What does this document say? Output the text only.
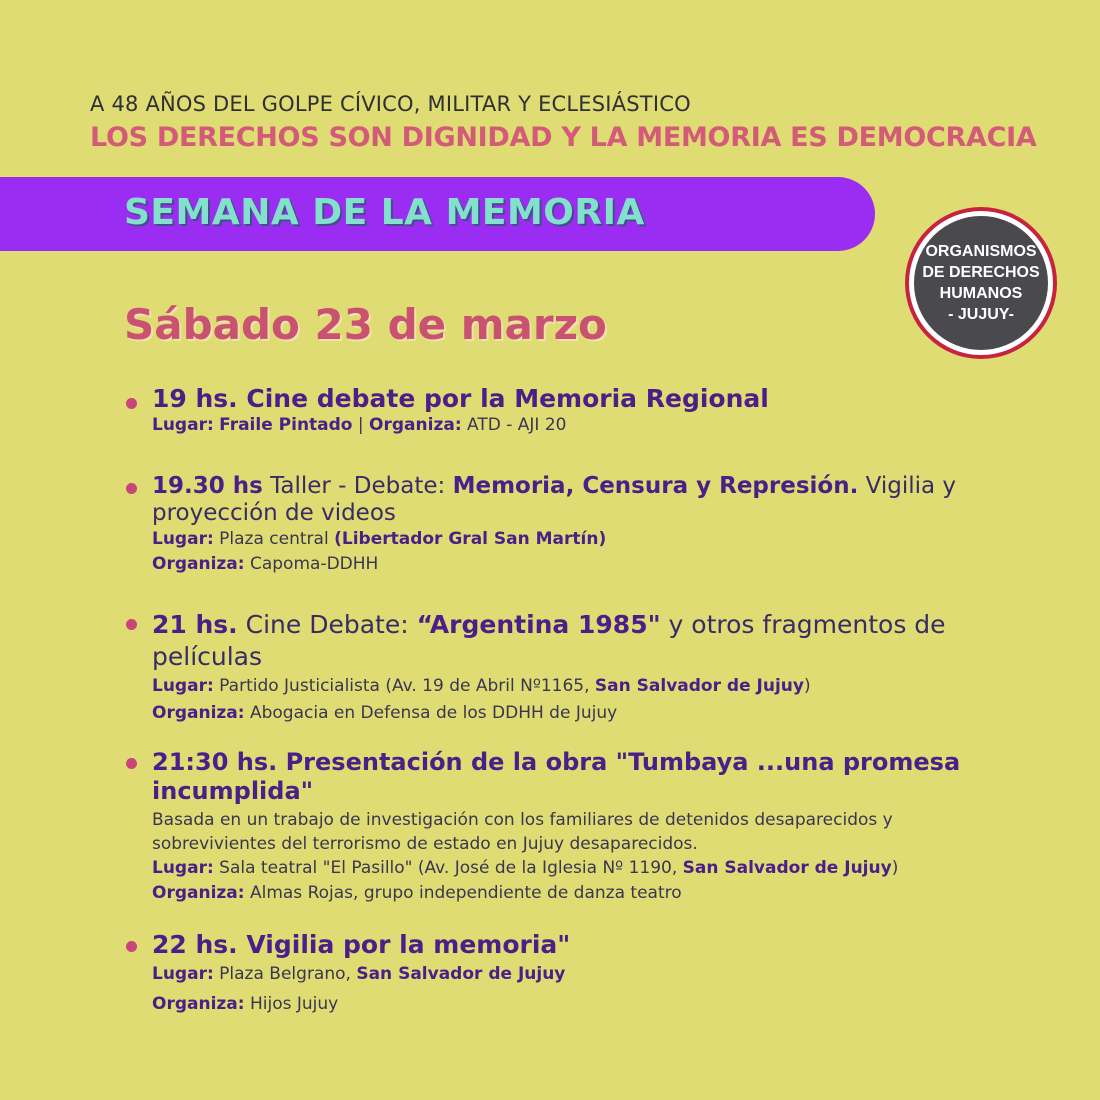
A 48 AÑOS DEL GOLPE CÍVICO, MILITAR Y ECLESIÁSTICO
LOS DERECHOS SON DIGNIDAD Y LA MEMORIA ES DEMOCRACIA
SEMANA DE LA MEMORIA
ORGANISMOS
DE DERECHOS
HUMANOS
- JUJUY-
Sábado 23 de marzo
19 hs. Cine debate por la Memoria Regional
Lugar: Fraile Pintado | Organiza: ATD - AJI 20
19.30 hs Taller - Debate: Memoria, Censura y Represión. Vigilia y proyección de videos
Lugar: Plaza central (Libertador Gral San Martín)
Organiza: Capoma-DDHH
21 hs. Cine Debate: “Argentina 1985" y otros fragmentos de películas
Lugar: Partido Justicialista (Av. 19 de Abril Nº1165, San Salvador de Jujuy)
Organiza: Abogacia en Defensa de los DDHH de Jujuy
21:30 hs. Presentación de la obra "Tumbaya ...una promesa incumplida"
Basada en un trabajo de investigación con los familiares de detenidos desaparecidos y sobrevivientes del terrorismo de estado en Jujuy desaparecidos.
Lugar: Sala teatral "El Pasillo" (Av. José de la Iglesia Nº 1190, San Salvador de Jujuy)
Organiza: Almas Rojas, grupo independiente de danza teatro
22 hs. Vigilia por la memoria"
Lugar: Plaza Belgrano, San Salvador de Jujuy
Organiza: Hijos Jujuy
